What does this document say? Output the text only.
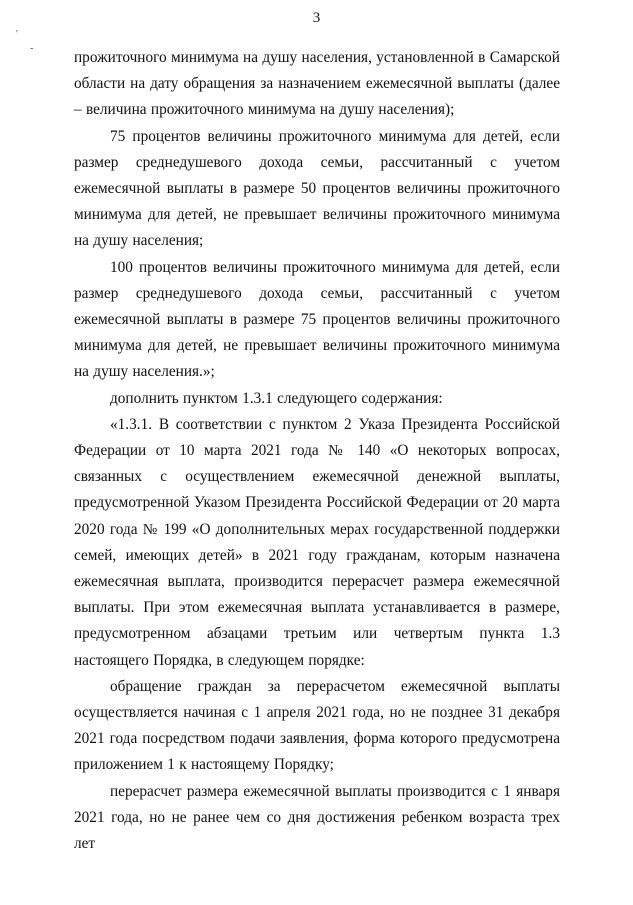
3
'
-

прожиточного минимума на душу населения, установленной в Самарской области на дату обращения за назначением ежемесячной выплаты (далее – величина прожиточного минимума на душу населения);

75 процентов величины прожиточного минимума для детей, если размер среднедушевого дохода семьи, рассчитанный с учетом ежемесячной выплаты в размере 50 процентов величины прожиточного минимума для детей, не превышает величины прожиточного минимума на душу населения;

100 процентов величины прожиточного минимума для детей, если размер среднедушевого дохода семьи, рассчитанный с учетом ежемесячной выплаты в размере 75 процентов величины прожиточного минимума для детей, не превышает величины прожиточного минимума на душу населения.»;

дополнить пунктом 1.3.1 следующего содержания:

«1.3.1. В соответствии с пунктом 2 Указа Президента Российской Федерации от 10 марта 2021 года № 140 «О некоторых вопросах, связанных с осуществлением ежемесячной денежной выплаты, предусмотренной Указом Президента Российской Федерации от 20 марта 2020 года № 199 «О дополнительных мерах государственной поддержки семей, имеющих детей» в 2021 году гражданам, которым назначена ежемесячная выплата, производится перерасчет размера ежемесячной выплаты. При этом ежемесячная выплата устанавливается в размере, предусмотренном абзацами третьим или четвертым пункта 1.3 настоящего Порядка, в следующем порядке:

обращение граждан за перерасчетом ежемесячной выплаты осуществляется начиная с 1 апреля 2021 года, но не позднее 31 декабря 2021 года посредством подачи заявления, форма которого предусмотрена приложением 1 к настоящему Порядку;

перерасчет размера ежемесячной выплаты производится с 1 января 2021 года, но не ранее чем со дня достижения ребенком возраста трех лет
